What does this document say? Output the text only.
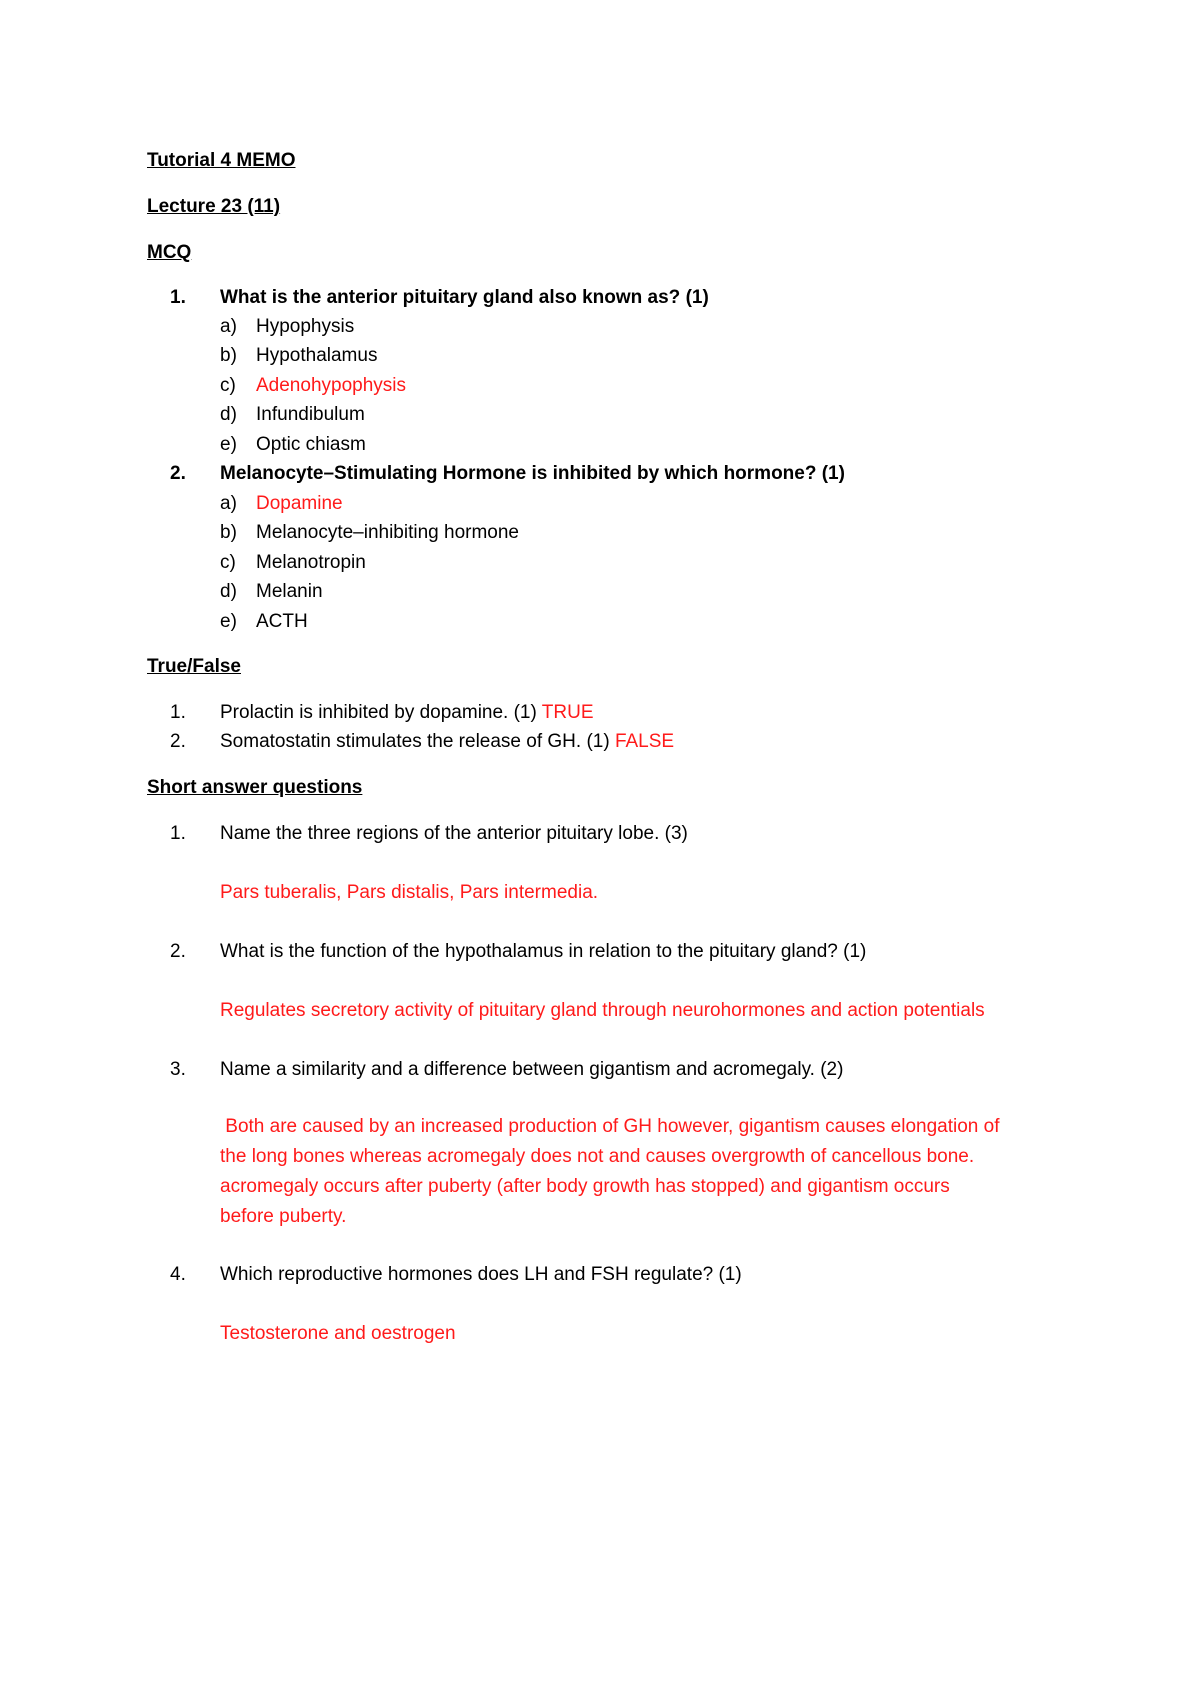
Tutorial 4 MEMO
Lecture 23 (11)
MCQ
1. What is the anterior pituitary gland also known as? (1)
a) Hypophysis
b) Hypothalamus
c) Adenohypophysis
d) Infundibulum
e) Optic chiasm
2. Melanocyte–Stimulating Hormone is inhibited by which hormone? (1)
a) Dopamine
b) Melanocyte–inhibiting hormone
c) Melanotropin
d) Melanin
e) ACTH
True/False
1. Prolactin is inhibited by dopamine. (1) TRUE
2. Somatostatin stimulates the release of GH. (1) FALSE
Short answer questions
1. Name the three regions of the anterior pituitary lobe. (3)
Pars tuberalis, Pars distalis, Pars intermedia.
2. What is the function of the hypothalamus in relation to the pituitary gland? (1)
Regulates secretory activity of pituitary gland through neurohormones and action potentials
3. Name a similarity and a difference between gigantism and acromegaly. (2)
Both are caused by an increased production of GH however, gigantism causes elongation of
the long bones whereas acromegaly does not and causes overgrowth of cancellous bone.
acromegaly occurs after puberty (after body growth has stopped) and gigantism occurs
before puberty.
4. Which reproductive hormones does LH and FSH regulate? (1)
Testosterone and oestrogen
